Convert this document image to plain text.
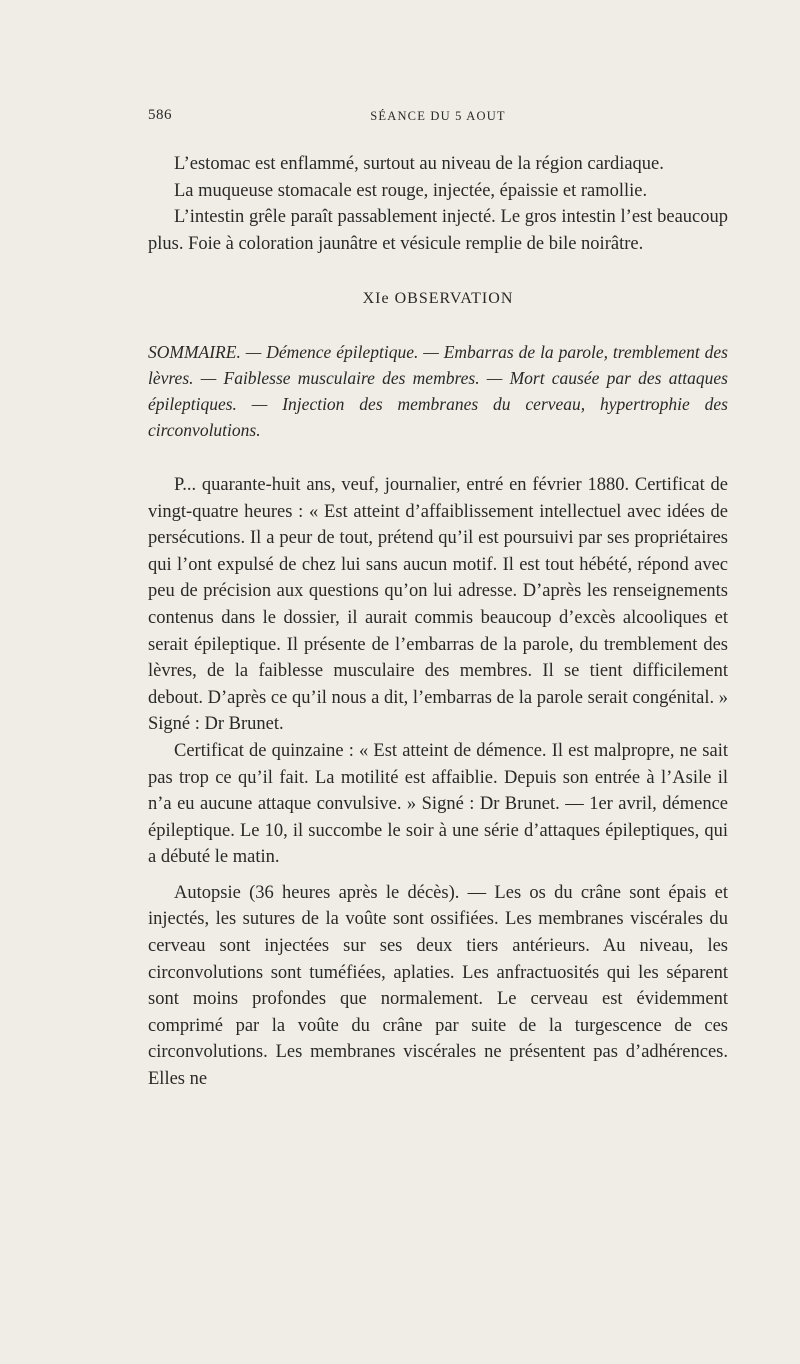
586	SÉANCE DU 5 AOUT

L’estomac est enflammé, surtout au niveau de la région cardiaque.

La muqueuse stomacale est rouge, injectée, épaissie et ramollie.

L’intestin grêle paraît passablement injecté. Le gros intestin l’est beaucoup plus. Foie à coloration jaunâtre et vésicule remplie de bile noirâtre.

XIe OBSERVATION

SOMMAIRE. — Démence épileptique. — Embarras de la parole, tremblement des lèvres. — Faiblesse musculaire des membres. — Mort causée par des attaques épileptiques. — Injection des membranes du cerveau, hypertrophie des circonvolutions.

P... quarante-huit ans, veuf, journalier, entré en février 1880. Certificat de vingt-quatre heures : « Est atteint d’affaiblissement intellectuel avec idées de persécutions. Il a peur de tout, prétend qu’il est poursuivi par ses propriétaires qui l’ont expulsé de chez lui sans aucun motif. Il est tout hébété, répond avec peu de précision aux questions qu’on lui adresse. D’après les renseignements contenus dans le dossier, il aurait commis beaucoup d’excès alcooliques et serait épileptique. Il présente de l’embarras de la parole, du tremblement des lèvres, de la faiblesse musculaire des membres. Il se tient difficilement debout. D’après ce qu’il nous a dit, l’embarras de la parole serait congénital. » Signé : Dr Brunet.

Certificat de quinzaine : « Est atteint de démence. Il est malpropre, ne sait pas trop ce qu’il fait. La motilité est affaiblie. Depuis son entrée à l’Asile il n’a eu aucune attaque convulsive. » Signé : Dr Brunet. — 1er avril, démence épileptique. Le 10, il succombe le soir à une série d’attaques épileptiques, qui a débuté le matin.

Autopsie (36 heures après le décès). — Les os du crâne sont épais et injectés, les sutures de la voûte sont ossifiées. Les membranes viscérales du cerveau sont injectées sur ses deux tiers antérieurs. Au niveau, les circonvolutions sont tuméfiées, aplaties. Les anfractuosités qui les séparent sont moins profondes que normalement. Le cerveau est évidemment comprimé par la voûte du crâne par suite de la turgescence de ces circonvolutions. Les membranes viscérales ne présentent pas d’adhérences. Elles ne
